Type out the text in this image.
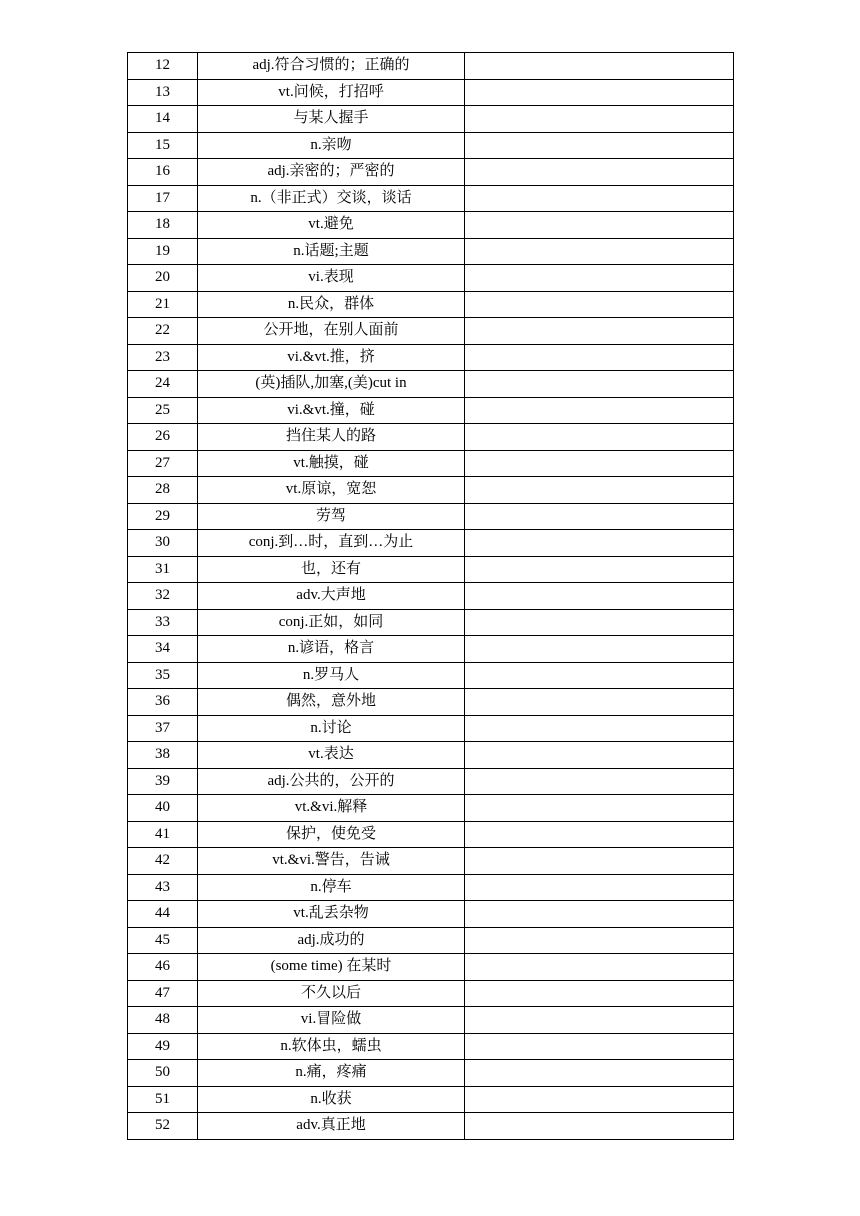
12	adj.符合习惯的；正确的	
13	vt.问候，打招呼	
14	与某人握手	
15	n.亲吻	
16	adj.亲密的；严密的	
17	n.（非正式）交谈，谈话	
18	vt.避免	
19	n.话题;主题	
20	vi.表现	
21	n.民众，群体	
22	公开地，在别人面前	
23	vi.&vt.推，挤	
24	(英)插队,加塞,(美)cut in	
25	vi.&vt.撞，碰	
26	挡住某人的路	
27	vt.触摸，碰	
28	vt.原谅，宽恕	
29	劳驾	
30	conj.到…时，直到…为止	
31	也，还有	
32	adv.大声地	
33	conj.正如，如同	
34	n.谚语，格言	
35	n.罗马人	
36	偶然，意外地	
37	n.讨论	
38	vt.表达	
39	adj.公共的，公开的	
40	vt.&vi.解释	
41	保护，使免受	
42	vt.&vi.警告，告诫	
43	n.停车	
44	vt.乱丢杂物	
45	adj.成功的	
46	(some time) 在某时	
47	不久以后	
48	vi.冒险做	
49	n.软体虫，蠕虫	
50	n.痛，疼痛	
51	n.收获	
52	adv.真正地	
